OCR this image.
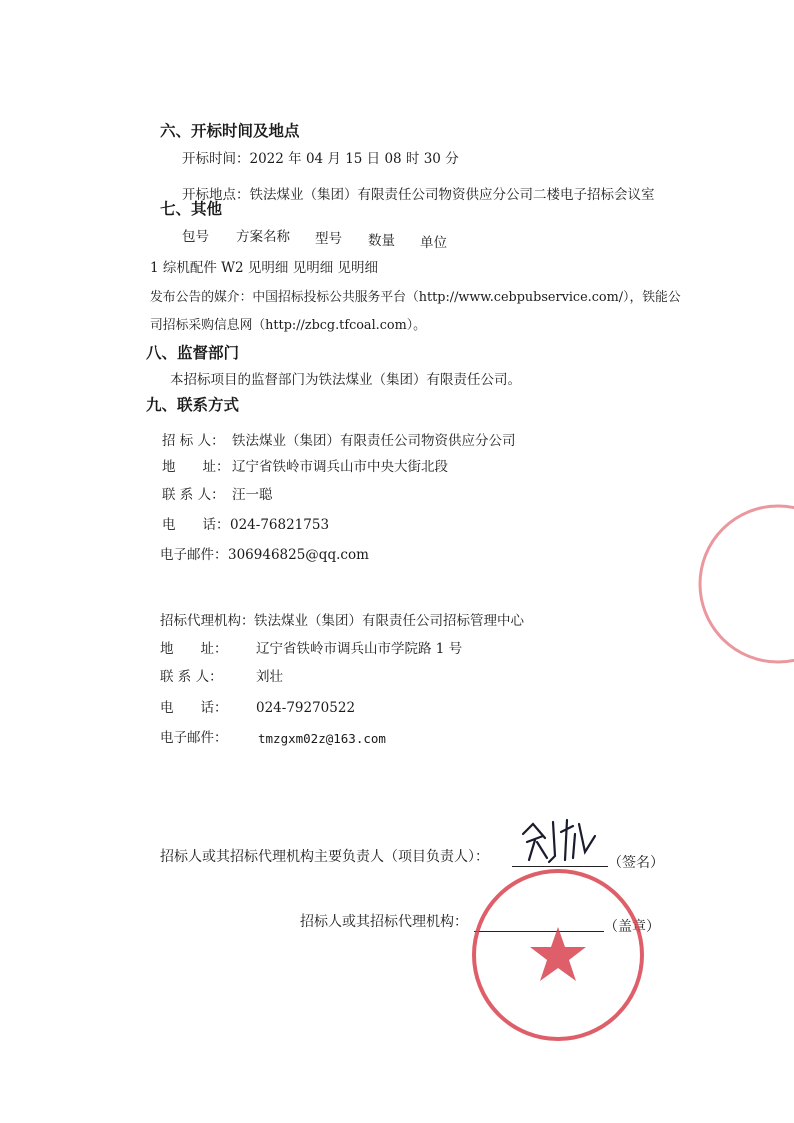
六、开标时间及地点
开标时间：2022 年 04 月 15 日 08 时 30 分
开标地点：铁法煤业（集团）有限责任公司物资供应分公司二楼电子招标会议室
七、其他
包号 方案名称 型号 数量 单位
1 综机配件 W2 见明细 见明细 见明细
发布公告的媒介：中国招标投标公共服务平台（http://www.cebpubservice.com/），铁能公
司招标采购信息网（http://zbcg.tfcoal.com）。
八、监督部门
本招标项目的监督部门为铁法煤业（集团）有限责任公司。
九、联系方式
招 标 人： 铁法煤业（集团）有限责任公司物资供应分公司
地　　址： 辽宁省铁岭市调兵山市中央大街北段
联 系 人： 汪一聪
电　　话： 024-76821753
电子邮件： 306946825@qq.com
招标代理机构： 铁法煤业（集团）有限责任公司招标管理中心
地　　址： 辽宁省铁岭市调兵山市学院路 1 号
联 系 人： 刘壮
电　　话： 024-79270522
电子邮件： tmzgxm02z@163.com
招标人或其招标代理机构主要负责人（项目负责人）：	（签名）
招标人或其招标代理机构：	（盖章）
